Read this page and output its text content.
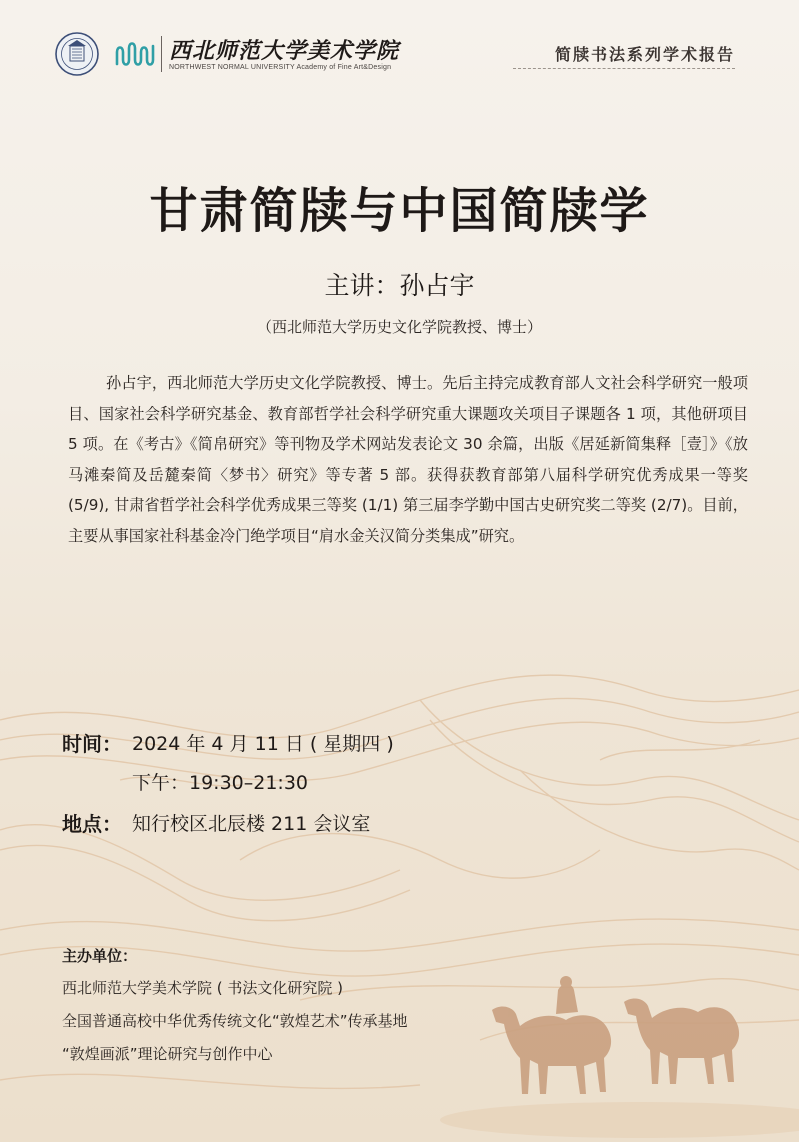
西北师范大学美术学院
NORTHWEST NORMAL UNIVERSITY Academy of Fine Art&Design
简牍书法系列学术报告
甘肃简牍与中国简牍学
主讲：孙占宇
（西北师范大学历史文化学院教授、博士）
孙占宇，西北师范大学历史文化学院教授、博士。先后主持完成教育部人文社会科学研究一般项目、国家社会科学研究基金、教育部哲学社会科学研究重大课题攻关项目子课题各 1 项，其他研项目 5 项。在《考古》《简帛研究》等刊物及学术网站发表论文 30 余篇，出版《居延新简集释［壹］》《放马滩秦简及岳麓秦简〈梦书〉研究》等专著 5 部。获得获教育部第八届科学研究优秀成果一等奖 (5/9), 甘肃省哲学社会科学优秀成果三等奖 (1/1) 第三届李学勤中国古史研究奖二等奖 (2/7)。目前，主要从事国家社科基金冷门绝学项目“肩水金关汉简分类集成”研究。
时间： 2024 年 4 月 11 日 ( 星期四 )
下午：19:30–21:30
地点： 知行校区北辰楼 211 会议室
主办单位：
西北师范大学美术学院 ( 书法文化研究院 )
全国普通高校中华优秀传统文化“敦煌艺术”传承基地
“敦煌画派”理论研究与创作中心
